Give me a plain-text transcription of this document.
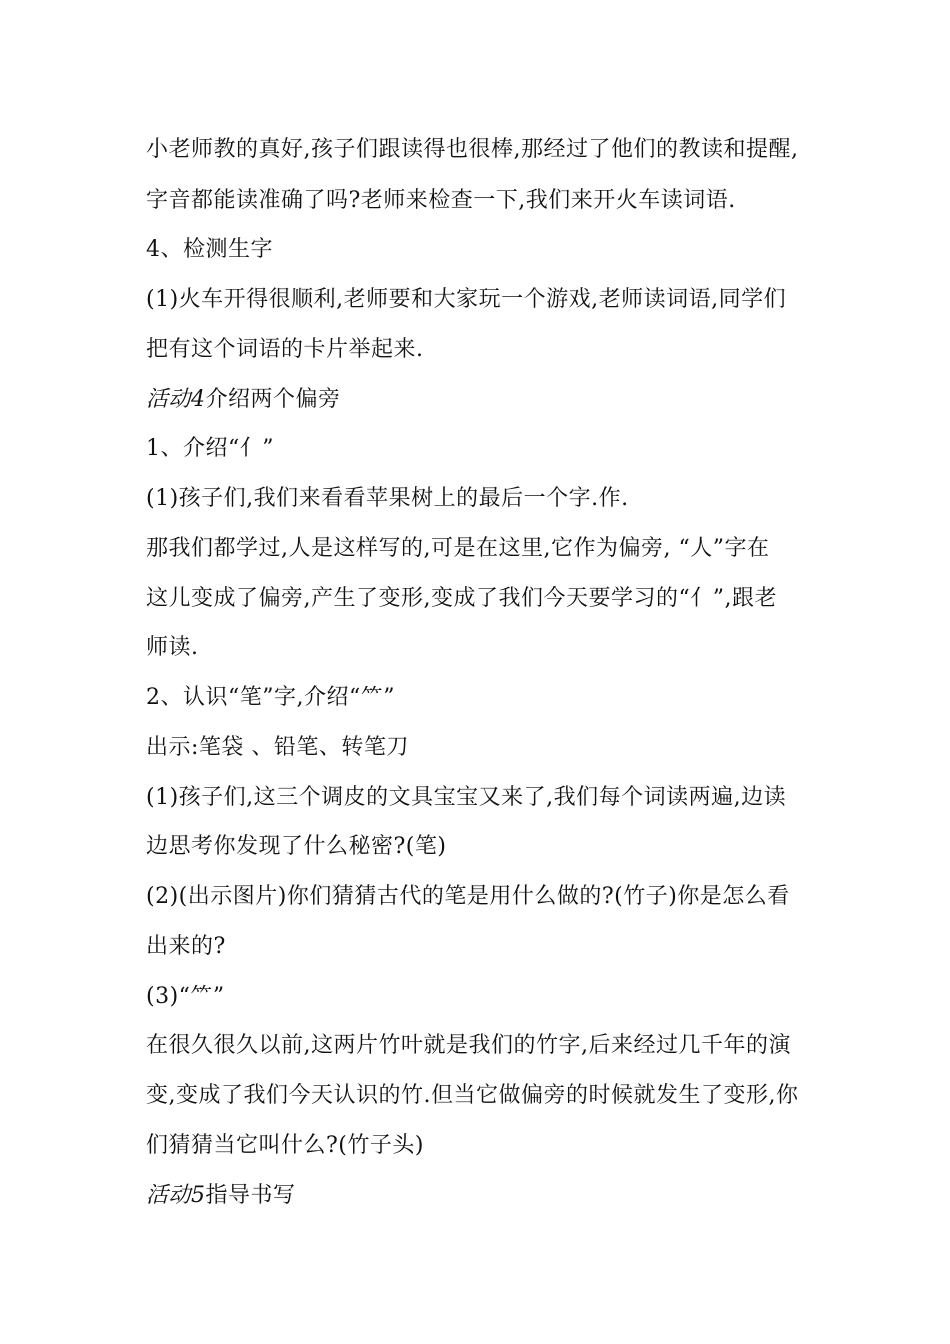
小老师教的真好,孩子们跟读得也很棒,那经过了他们的教读和提醒,
字音都能读准确了吗?老师来检查一下,我们来开火车读词语.
4、检测生字
(1)火车开得很顺利,老师要和大家玩一个游戏,老师读词语,同学们
把有这个词语的卡片举起来.
活动4介绍两个偏旁
1、介绍“亻”
(1)孩子们,我们来看看苹果树上的最后一个字.作.
那我们都学过,人是这样写的,可是在这里,它作为偏旁, “人”字在
这儿变成了偏旁,产生了变形,变成了我们今天要学习的“亻”,跟老
师读.
2、认识“笔”字,介绍“⺮”
出示:笔袋 、铅笔、转笔刀
(1)孩子们,这三个调皮的文具宝宝又来了,我们每个词读两遍,边读
边思考你发现了什么秘密?(笔)
(2)(出示图片)你们猜猜古代的笔是用什么做的?(竹子)你是怎么看
出来的?
(3)“⺮”
在很久很久以前,这两片竹叶就是我们的竹字,后来经过几千年的演
变,变成了我们今天认识的竹.但当它做偏旁的时候就发生了变形,你
们猜猜当它叫什么?(竹子头)
活动5指导书写
